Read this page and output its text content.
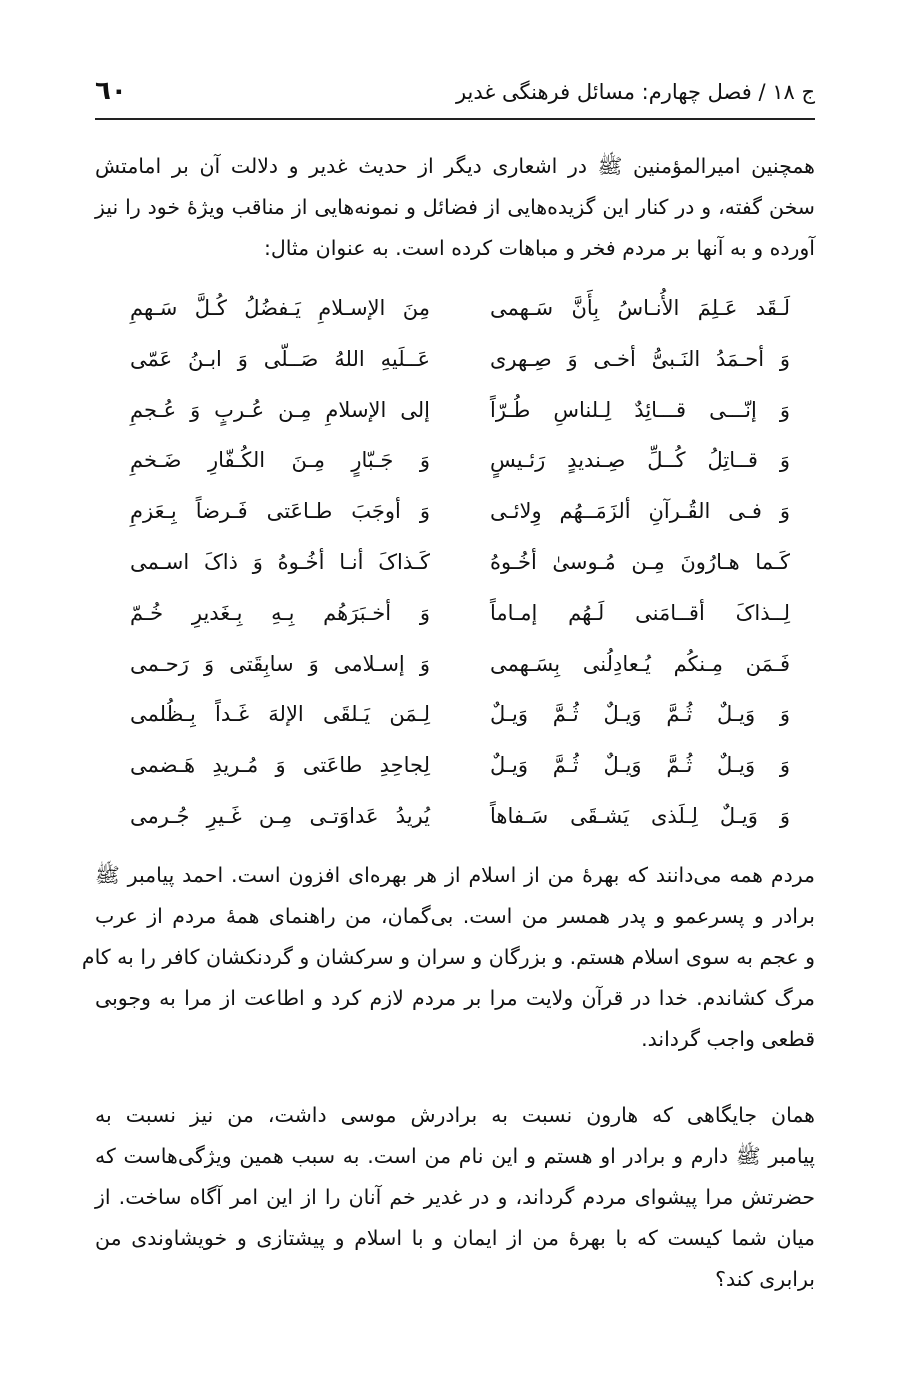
٦٠	ج ۱۸ / فصل چهارم: مسائل فرهنگی غدیر
همچنین امیرالمؤمنین ﷺ در اشعاری دیگر از حدیث غدیر و دلالت آن بر امامتش
سخن گفته، و در کنار این گزیده‌هایی از فضائل و نمونه‌هایی از مناقب ویژهٔ خود را نیز
آورده و به آنها بر مردم فخر و مباهات کرده است. به عنوان مثال:
لَـقَد عَـلِمَ الأُنـاسُ بِأَنَّ سَـهمی
مِنَ الإسـلامِ یَـفضُلُ کُـلَّ سَـهمِ
وَ أحـمَدُ النَـبیُّ أخـی وَ صِـهری
عَــلَیهِ اللهُ صَــلّی وَ ابـنُ عَمّی
وَ إنّـــی قـــائِدٌ لِـلناسِ طُـرّاً
إلی الإسلامِ مِـن عُـربٍ وَ عُـجمِ
وَ قــاتِلُ کُــلِّ صِـندیدٍ رَئـیسٍ
وَ جَـبّارٍ مِـنَ الکُـفّارِ ضَـخمِ
وَ فـی القُـرآنِ ألزَمَــهُم وِلائـی
وَ أوجَبَ طـاعَتی فَـرضاً بِـعَزمِ
کَـما هـارُونَ مِـن مُـوسیٰ أخُـوهُ
کَـذاکَ أنـا أخُـوهُ وَ ذاکَ اسـمی
لِــذاکَ أقــامَنی لَـهُم إمـاماً
وَ أخـبَرَهُم بِـهِ بِـغَدیرِ خُـمّ
فَـمَن مِـنکُم یُـعادِلُنی بِسَـهمی
وَ إسـلامی وَ سابِقَتی وَ رَحـمی
وَ وَیـلٌ ثُـمَّ وَیـلٌ ثُـمَّ وَیـلٌ
لِـمَن یَـلقَی الإلهَ غَـداً بِـظُلمی
وَ وَیـلٌ ثُـمَّ وَیـلٌ ثُـمَّ وَیـلٌ
لِجاحِدِ طاعَتی وَ مُـریدِ هَـضمی
وَ وَیـلٌ لِـلَذی یَشـقَی سَـفاهاً
یُریدُ عَداوَتـی مِـن غَـیرِ جُـرمی
مردم همه می‌دانند که بهرهٔ من از اسلام از هر بهره‌ای افزون است. احمد پیامبر ﷺ
برادر و پسرعمو و پدر همسر من است. بی‌گمان، من راهنمای همهٔ مردم از عرب
و عجم به سوی اسلام هستم. و بزرگان و سران و سرکشان و گردنکشان کافر را به کام
مرگ کشاندم. خدا در قرآن ولایت مرا بر مردم لازم کرد و اطاعت از مرا به وجوبی
قطعی واجب گرداند.
همان جایگاهی که هارون نسبت به برادرش موسی داشت، من نیز نسبت به
پیامبر ﷺ دارم و برادر او هستم و این نام من است. به سبب همین ویژگی‌هاست که
حضرتش مرا پیشوای مردم گرداند، و در غدیر خم آنان را از این امر آگاه ساخت. از
میان شما کیست که با بهرهٔ من از ایمان و با اسلام و پیشتازی و خویشاوندی من
برابری کند؟
